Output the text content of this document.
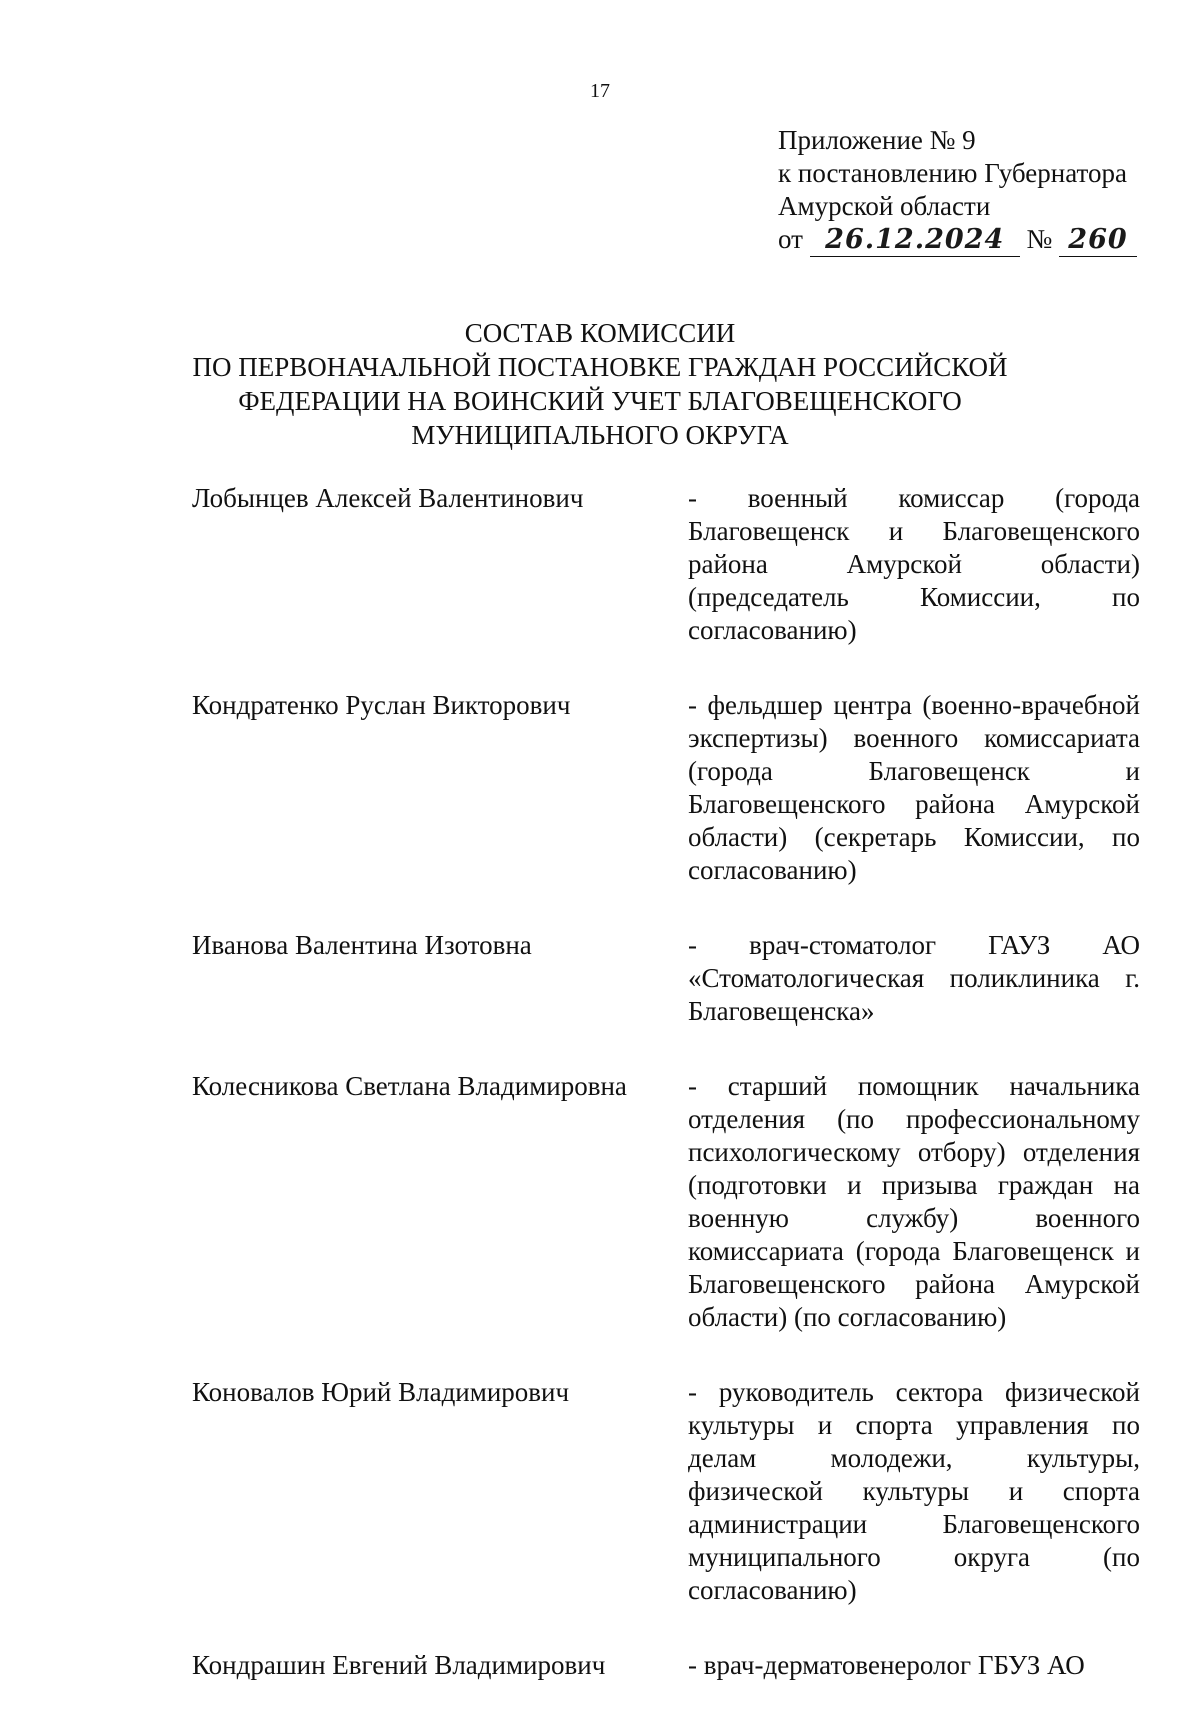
17
Приложение № 9
к постановлению Губернатора
Амурской области
от 26.12.2024 № 260
СОСТАВ КОМИССИИ
ПО ПЕРВОНАЧАЛЬНОЙ ПОСТАНОВКЕ ГРАЖДАН РОССИЙСКОЙ
ФЕДЕРАЦИИ НА ВОИНСКИЙ УЧЕТ БЛАГОВЕЩЕНСКОГО
МУНИЦИПАЛЬНОГО ОКРУГА
Лобынцев Алексей Валентинович	- военный комиссар (города Благовещенск и Благовещенского района Амурской области) (председатель Комиссии, по согласованию)
Кондратенко Руслан Викторович	- фельдшер центра (военно-врачебной экспертизы) военного комиссариата (города Благовещенск и Благовещенского района Амурской области) (секретарь Комиссии, по согласованию)
Иванова Валентина Изотовна	- врач-стоматолог ГАУЗ АО «Стоматологическая поликлиника г. Благовещенска»
Колесникова Светлана Владимировна - старший помощник начальника отделения (по профессиональному психологическому отбору) отделения (подготовки и призыва граждан на военную службу) военного комиссариата (города Благовещенск и Благовещенского района Амурской области) (по согласованию)
Коновалов Юрий Владимирович	- руководитель сектора физической культуры и спорта управления по делам молодежи, культуры, физической культуры и спорта администрации Благовещенского муниципального округа (по согласованию)
Кондрашин Евгений Владимирович	- врач-дерматовенеролог ГБУЗ АО
